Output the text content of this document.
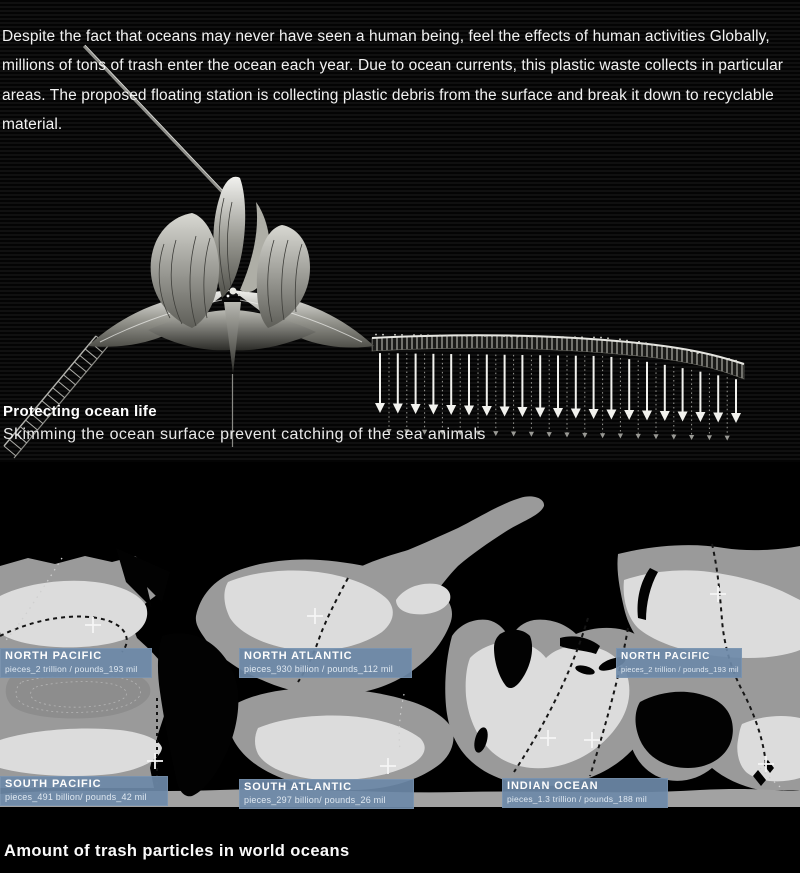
Despite the fact that oceans may never have seen a human being, feel the effects of human activities Globally, millions of tons of trash enter the ocean each year. Due to ocean currents, this plastic waste collects in particular areas. The proposed floating station is collecting plastic debris from the surface and break it down to recyclable material.

Protecting ocean life
Skimming the ocean surface prevent catching of the sea animals
NORTH PACIFIC
pieces_2 trillion / pounds_193 mil
NORTH ATLANTIC
pieces_930 billion / pounds_112 mil
NORTH PACIFIC
pieces_2 trillion / pounds_193 mil
SOUTH PACIFIC
pieces_491 billion/ pounds_42 mil
SOUTH ATLANTIC
pieces_297 billion/ pounds_26 mil
INDIAN OCEAN
pieces_1.3 trillion / pounds_188 mil
Amount of trash particles in world oceans
